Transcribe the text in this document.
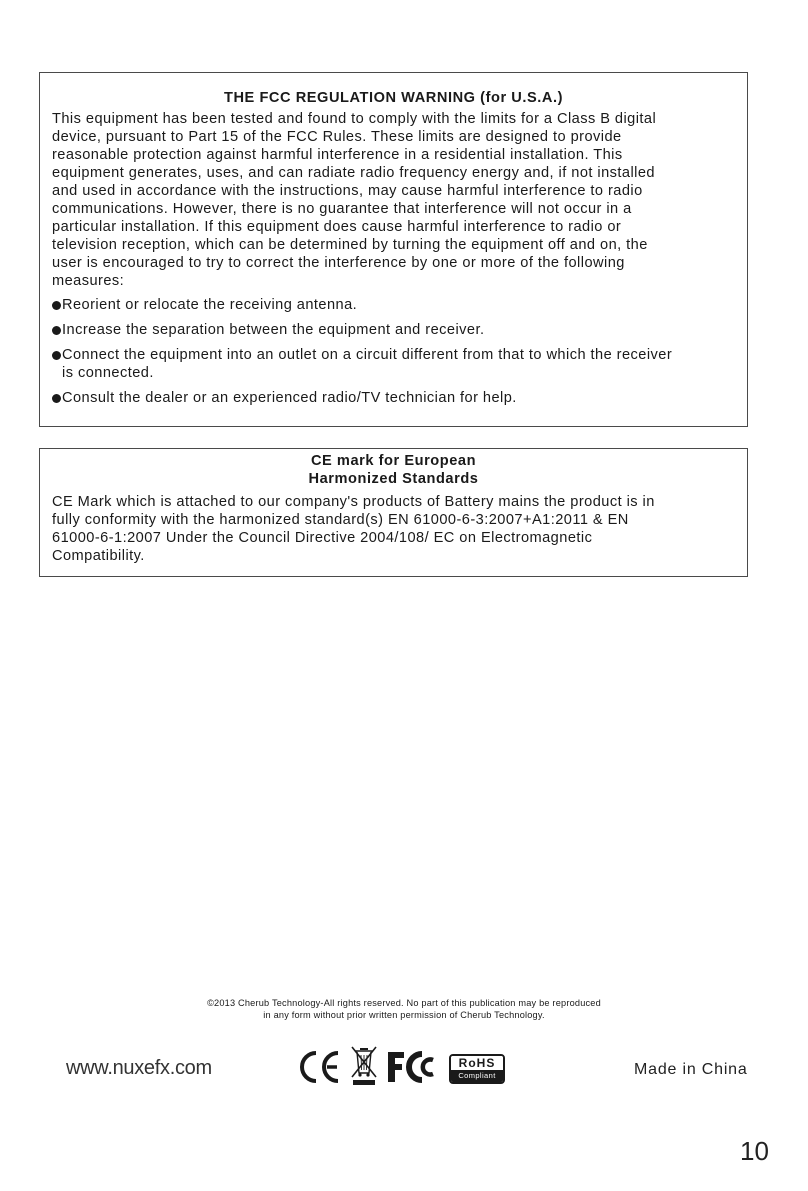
THE FCC REGULATION WARNING (for U.S.A.)
This equipment has been tested and found to comply with the limits for a Class B digital
device, pursuant to Part 15 of the FCC Rules. These limits are designed to provide
reasonable protection against harmful interference in a residential installation. This
equipment generates, uses, and can radiate radio frequency energy and, if not installed
and used in accordance with the instructions, may cause harmful interference to radio
communications. However, there is no guarantee that interference will not occur in a
particular installation. If this equipment does cause harmful interference to radio or
television reception, which can be determined by turning the equipment off and on, the
user is encouraged to try to correct the interference by one or more of the following
measures:
Reorient or relocate the receiving antenna.
Increase the separation between the equipment and receiver.
Connect the equipment into an outlet on a circuit different from that to which the receiver is connected.
Consult the dealer or an experienced radio/TV technician for help.
CE mark for European
Harmonized Standards
CE Mark which is attached to our company's products of Battery mains the product is in
fully conformity with the harmonized standard(s) EN 61000-6-3:2007+A1:2011 & EN
61000-6-1:2007 Under the Council Directive 2004/108/ EC on Electromagnetic
Compatibility.
©2013 Cherub Technology-All rights reserved. No part of this publication may be reproduced
in any form without prior written permission of Cherub Technology.
www.nuxefx.com	RoHS
Compliant	Made in China
10
